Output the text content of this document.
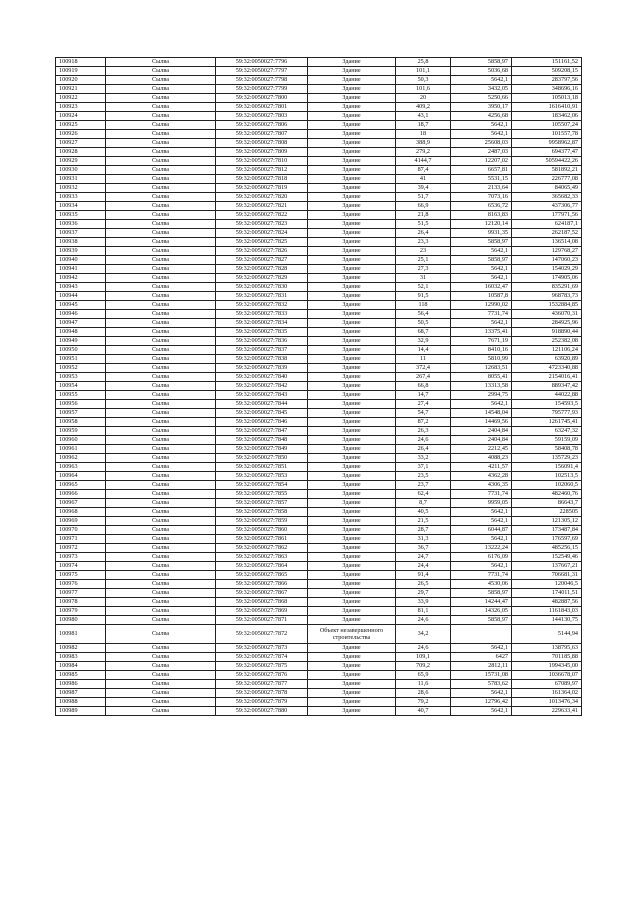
100918	Сылва	59:32:0050027:7796	Здание	25,8	5858,97	151161,52
100919	Сылва	59:32:0050027:7797	Здание	101,1	5036,68	509208,15
100920	Сылва	59:32:0050027:7798	Здание	50,3	5642,1	283797,56
100921	Сылва	59:32:0050027:7799	Здание	101,6	3432,05	348696,16
100922	Сылва	59:32:0050027:7800	Здание	20	5250,66	105013,18
100923	Сылва	59:32:0050027:7801	Здание	409,2	3950,17	1616410,91
100924	Сылва	59:32:0050027:7803	Здание	43,1	4256,68	183462,06
100925	Сылва	59:32:0050027:7806	Здание	18,7	5642,1	105507,24
100926	Сылва	59:32:0050027:7807	Здание	18	5642,1	101557,78
100927	Сылва	59:32:0050027:7808	Здание	388,9	25608,03	9958962,87
100928	Сылва	59:32:0050027:7809	Здание	279,2	2487,03	694377,47
100929	Сылва	59:32:0050027:7810	Здание	4144,7	12207,02	50594422,26
100930	Сылва	59:32:0050027:7812	Здание	87,4	6657,81	581892,21
100931	Сылва	59:32:0050027:7818	Здание	41	5531,15	226777,08
100932	Сылва	59:32:0050027:7819	Здание	39,4	2133,64	84065,49
100933	Сылва	59:32:0050027:7820	Здание	51,7	7073,16	365682,33
100934	Сылва	59:32:0050027:7821	Здание	66,9	6536,72	437306,77
100935	Сылва	59:32:0050027:7822	Здание	21,8	8163,83	177971,56
100936	Сылва	59:32:0050027:7823	Здание	51,5	12120,14	624187,1
100937	Сылва	59:32:0050027:7824	Здание	26,4	9931,35	262187,52
100938	Сылва	59:32:0050027:7825	Здание	23,3	5858,97	136514,08
100939	Сылва	59:32:0050027:7826	Здание	23	5642,1	129768,27
100940	Сылва	59:32:0050027:7827	Здание	25,1	5858,97	147060,23
100941	Сылва	59:32:0050027:7828	Здание	27,3	5642,1	154029,29
100942	Сылва	59:32:0050027:7829	Здание	31	5642,1	174905,06
100943	Сылва	59:32:0050027:7830	Здание	52,1	16032,47	835291,69
100944	Сылва	59:32:0050027:7831	Здание	91,5	10587,8	968783,73
100945	Сылва	59:32:0050027:7832	Здание	118	12990,02	1532884,85
100946	Сылва	59:32:0050027:7833	Здание	56,4	7731,74	436070,31
100947	Сылва	59:32:0050027:7834	Здание	50,5	5642,1	284925,96
100948	Сылва	59:32:0050027:7835	Здание	68,7	13375,41	918890,44
100949	Сылва	59:32:0050027:7836	Здание	32,9	7671,19	252382,08
100950	Сылва	59:32:0050027:7837	Здание	14,4	8410,16	121106,24
100951	Сылва	59:32:0050027:7838	Здание	11	5810,99	63920,89
100952	Сылва	59:32:0050027:7839	Здание	372,4	12683,51	4723340,88
100953	Сылва	59:32:0050027:7840	Здание	267,4	8055,41	2154016,41
100954	Сылва	59:32:0050027:7842	Здание	66,8	13313,58	889347,42
100955	Сылва	59:32:0050027:7843	Здание	14,7	2994,75	44022,88
100956	Сылва	59:32:0050027:7844	Здание	27,4	5642,1	154593,5
100957	Сылва	59:32:0050027:7845	Здание	54,7	14548,04	795777,93
100958	Сылва	59:32:0050027:7846	Здание	87,2	14469,56	1261745,41
100959	Сылва	59:32:0050027:7847	Здание	26,3	2404,84	63247,32
100960	Сылва	59:32:0050027:7848	Здание	24,6	2404,84	59159,09
100961	Сылва	59:32:0050027:7849	Здание	26,4	2212,45	58408,78
100962	Сылва	59:32:0050027:7850	Здание	33,2	4088,23	135729,23
100963	Сылва	59:32:0050027:7851	Здание	37,1	4211,57	156091,4
100964	Сылва	59:32:0050027:7853	Здание	23,5	4362,28	102513,5
100965	Сылва	59:32:0050027:7854	Здание	23,7	4306,35	102060,5
100966	Сылва	59:32:0050027:7855	Здание	62,4	7731,74	482460,76
100967	Сылва	59:32:0050027:7857	Здание	8,7	9959,05	86643,7
100968	Сылва	59:32:0050027:7858	Здание	40,5	5642,1	228505
100969	Сылва	59:32:0050027:7859	Здание	21,5	5642,1	121305,12
100970	Сылва	59:32:0050027:7860	Здание	28,7	6044,87	173487,84
100971	Сылва	59:32:0050027:7861	Здание	31,3	5642,1	176597,69
100972	Сылва	59:32:0050027:7862	Здание	36,7	13222,24	485256,15
100973	Сылва	59:32:0050027:7863	Здание	24,7	6176,09	152549,46
100974	Сылва	59:32:0050027:7864	Здание	24,4	5642,1	137667,21
100975	Сылва	59:32:0050027:7865	Здание	91,4	7731,74	706681,31
100976	Сылва	59:32:0050027:7866	Здание	26,5	4530,06	120046,5
100977	Сылва	59:32:0050027:7867	Здание	29,7	5858,97	174011,51
100978	Сылва	59:32:0050027:7868	Здание	33,9	14244,47	482887,56
100979	Сылва	59:32:0050027:7869	Здание	81,1	14326,05	1161843,03
100980	Сылва	59:32:0050027:7871	Здание	24,6	5858,97	144130,75
100981	Сылва	59:32:0050027:7872	Объект незавершенного строительства	34,2		5144,94
100982	Сылва	59:32:0050027:7873	Здание	24,6	5642,1	138795,63
100983	Сылва	59:32:0050027:7874	Здание	109,1	6427	701185,88
100984	Сылва	59:32:0050027:7875	Здание	709,2	2812,11	1994345,00
100985	Сылва	59:32:0050027:7876	Здание	65,9	15731,08	1036678,07
100986	Сылва	59:32:0050027:7877	Здание	11,6	5783,62	67089,97
100987	Сылва	59:32:0050027:7878	Здание	28,6	5642,1	161364,02
100988	Сылва	59:32:0050027:7879	Здание	79,2	12796,42	1013476,34
100989	Сылва	59:32:0050027:7880	Здание	40,7	5642,1	229633,41
